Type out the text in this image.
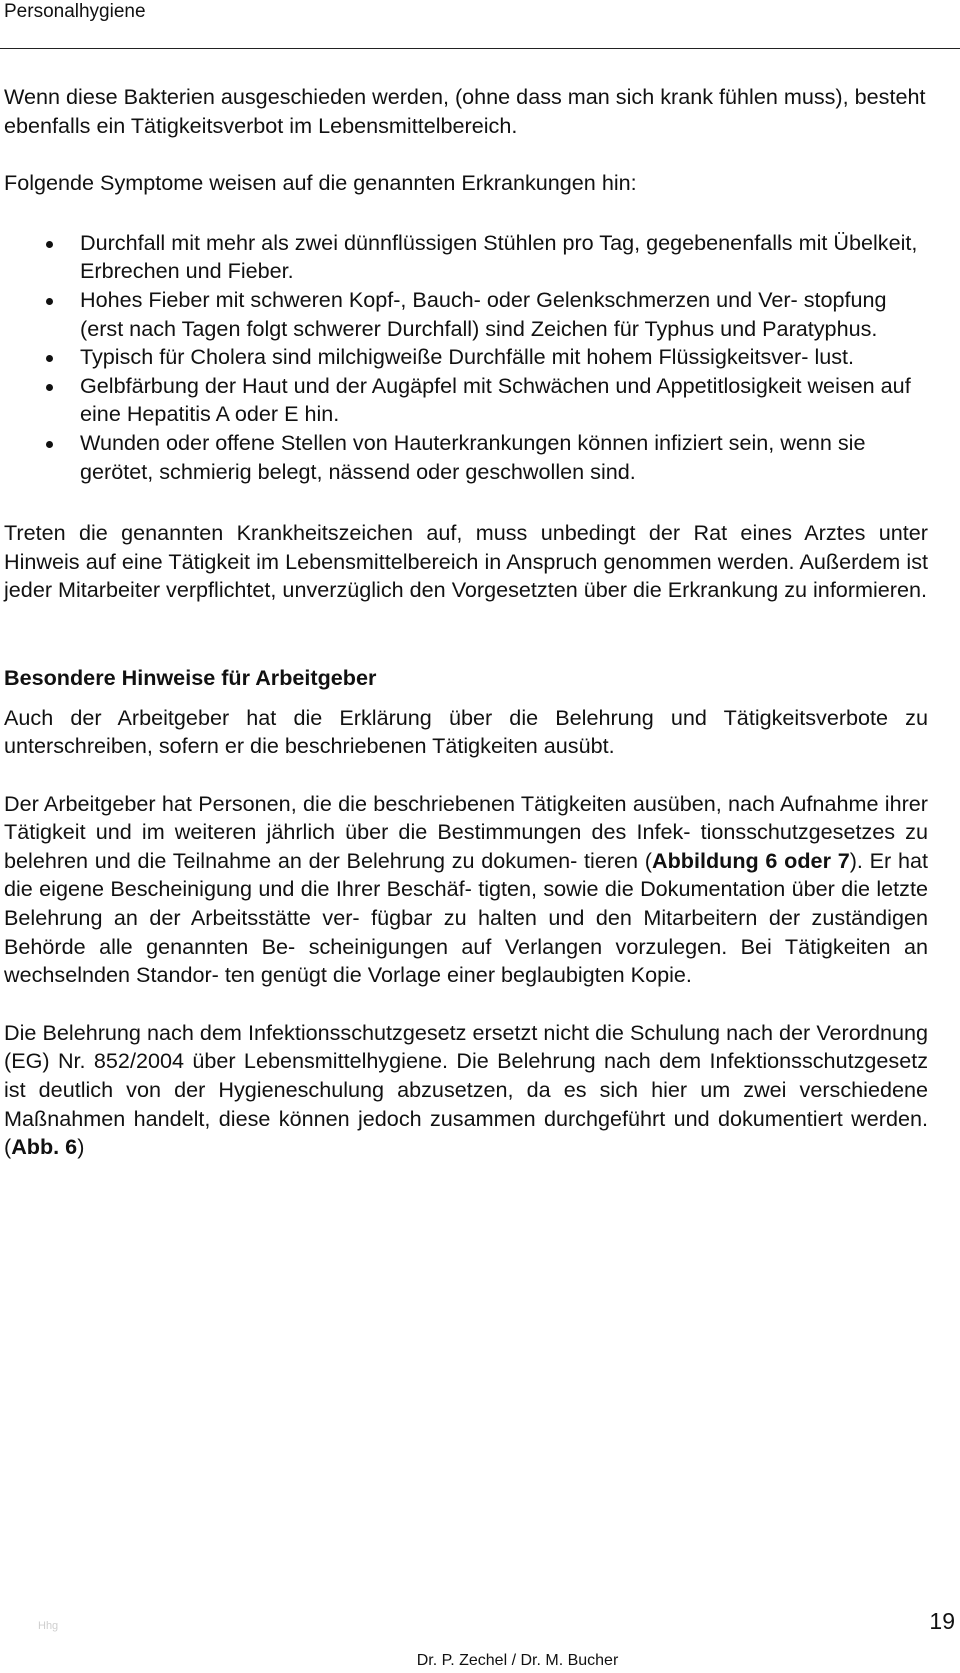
Personalhygiene

Wenn diese Bakterien ausgeschieden werden, (ohne dass man sich krank fühlen muss), besteht ebenfalls ein Tätigkeitsverbot im Lebensmittelbereich.

Folgende Symptome weisen auf die genannten Erkrankungen hin:

Durchfall mit mehr als zwei dünnflüssigen Stühlen pro Tag, gegebenenfalls mit Übelkeit, Erbrechen und Fieber.
Hohes Fieber mit schweren Kopf-, Bauch- oder Gelenkschmerzen und Ver- stopfung (erst nach Tagen folgt schwerer Durchfall) sind Zeichen für Typhus und Paratyphus.
Typisch für Cholera sind milchigweiße Durchfälle mit hohem Flüssigkeitsver- lust.
Gelbfärbung der Haut und der Augäpfel mit Schwächen und Appetitlosigkeit weisen auf eine Hepatitis A oder E hin.
Wunden oder offene Stellen von Hauterkrankungen können infiziert sein, wenn sie gerötet, schmierig belegt, nässend oder geschwollen sind.

Treten die genannten Krankheitszeichen auf, muss unbedingt der Rat eines Arztes unter Hinweis auf eine Tätigkeit im Lebensmittelbereich in Anspruch genommen werden. Außerdem ist jeder Mitarbeiter verpflichtet, unverzüglich den Vorgesetzten über die Erkrankung zu informieren.

Besondere Hinweise für Arbeitgeber

Auch der Arbeitgeber hat die Erklärung über die Belehrung und Tätigkeitsverbote zu unterschreiben, sofern er die beschriebenen Tätigkeiten ausübt.

Der Arbeitgeber hat Personen, die die beschriebenen Tätigkeiten ausüben, nach Aufnahme ihrer Tätigkeit und im weiteren jährlich über die Bestimmungen des Infek- tionsschutzgesetzes zu belehren und die Teilnahme an der Belehrung zu dokumen- tieren (Abbildung 6 oder 7). Er hat die eigene Bescheinigung und die Ihrer Beschäf- tigten, sowie die Dokumentation über die letzte Belehrung an der Arbeitsstätte ver- fügbar zu halten und den Mitarbeitern der zuständigen Behörde alle genannten Be- scheinigungen auf Verlangen vorzulegen. Bei Tätigkeiten an wechselnden Standor- ten genügt die Vorlage einer beglaubigten Kopie.

Die Belehrung nach dem Infektionsschutzgesetz ersetzt nicht die Schulung nach der Verordnung (EG) Nr. 852/2004 über Lebensmittelhygiene. Die Belehrung nach dem Infektionsschutzgesetz ist deutlich von der Hygieneschulung abzusetzen, da es sich hier um zwei verschiedene Maßnahmen handelt, diese können jedoch zusammen durchgeführt und dokumentiert werden. (Abb. 6)

Hhg	19
Dr. P. Zechel / Dr. M. Bucher
